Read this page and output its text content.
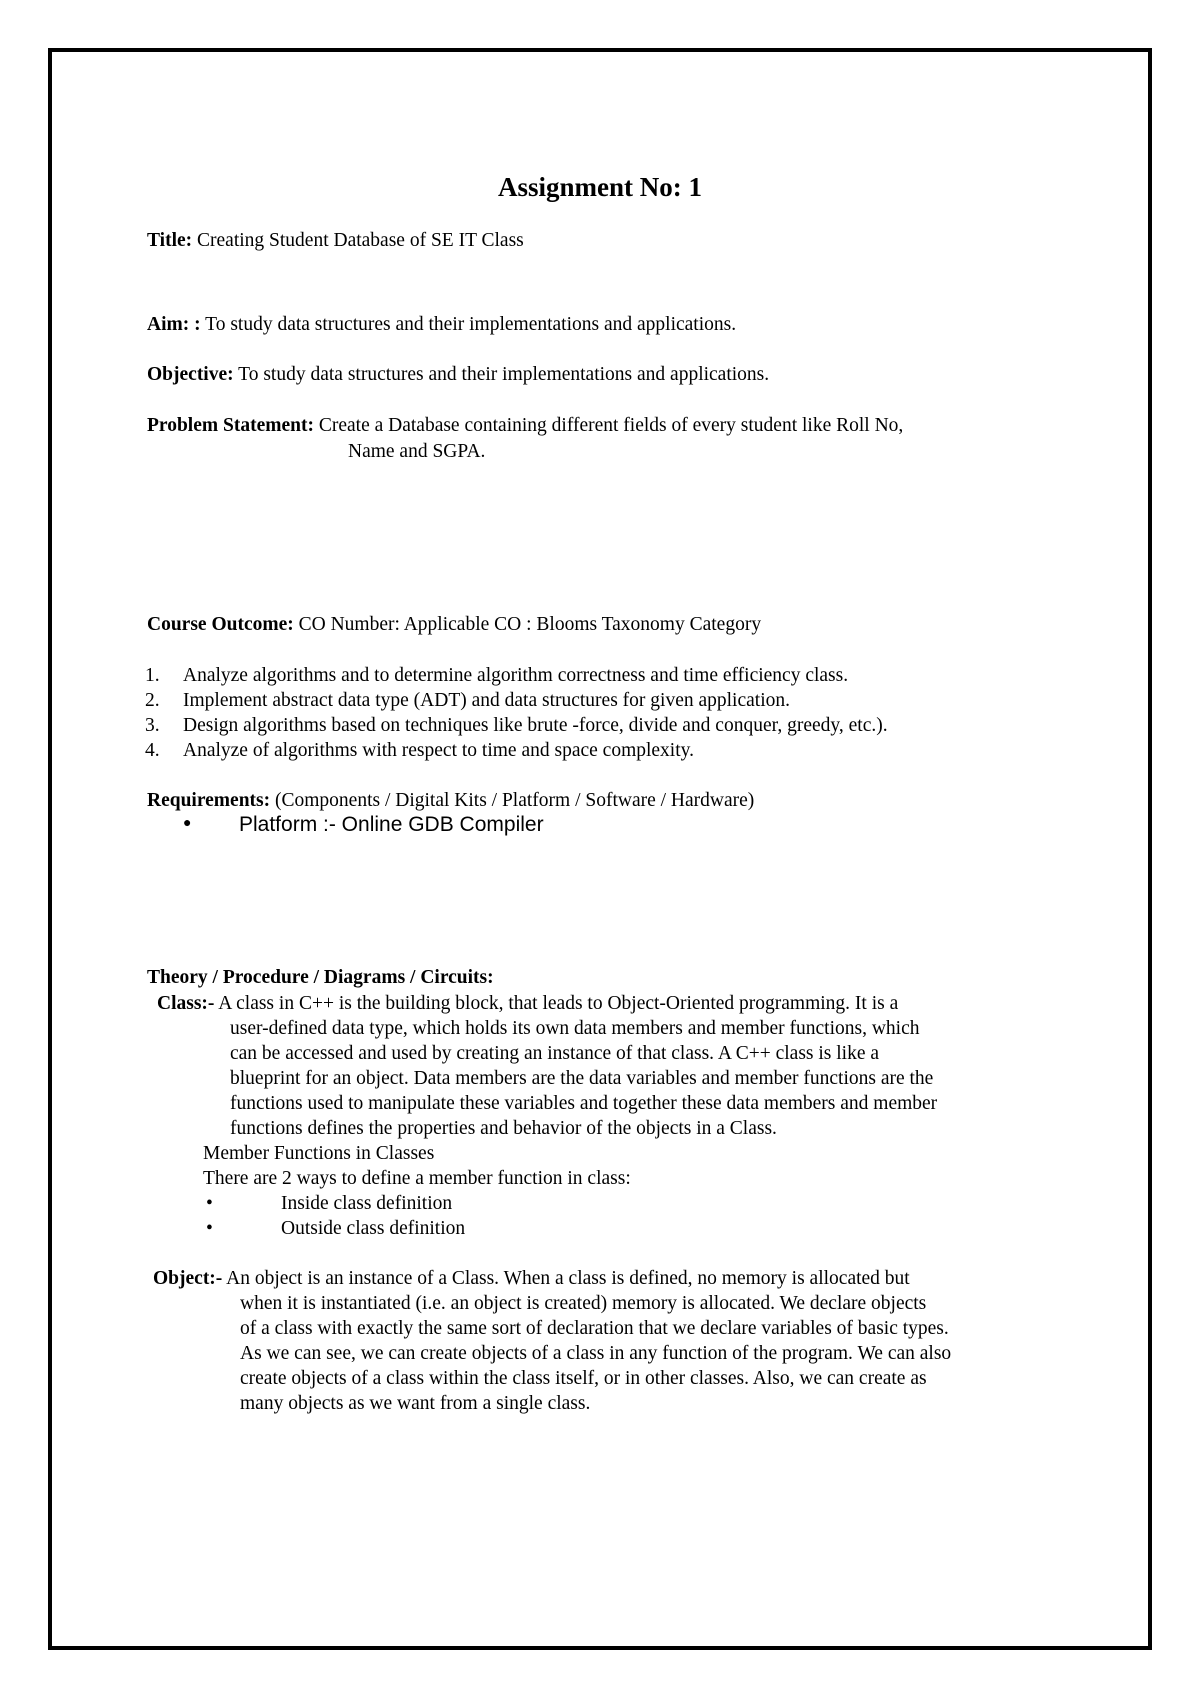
Assignment No: 1
Title: Creating Student Database of SE IT Class
Aim: : To study data structures and their implementations and applications.
Objective: To study data structures and their implementations and applications.
Problem Statement: Create a Database containing different fields of every student like Roll No,
Name and SGPA.
Course Outcome: CO Number: Applicable CO : Blooms Taxonomy Category
1. Analyze algorithms and to determine algorithm correctness and time efficiency class.
2. Implement abstract data type (ADT) and data structures for given application.
3. Design algorithms based on techniques like brute -force, divide and conquer, greedy, etc.).
4. Analyze of algorithms with respect to time and space complexity.
Requirements: (Components / Digital Kits / Platform / Software / Hardware)
● Platform :- Online GDB Compiler
Theory / Procedure / Diagrams / Circuits:
Class:- A class in C++ is the building block, that leads to Object-Oriented programming. It is a
user-defined data type, which holds its own data members and member functions, which
can be accessed and used by creating an instance of that class. A C++ class is like a
blueprint for an object. Data members are the data variables and member functions are the
functions used to manipulate these variables and together these data members and member
functions defines the properties and behavior of the objects in a Class.
Member Functions in Classes
There are 2 ways to define a member function in class:
•	Inside class definition
•	Outside class definition
Object:- An object is an instance of a Class. When a class is defined, no memory is allocated but
when it is instantiated (i.e. an object is created) memory is allocated. We declare objects
of a class with exactly the same sort of declaration that we declare variables of basic types.
As we can see, we can create objects of a class in any function of the program. We can also
create objects of a class within the class itself, or in other classes. Also, we can create as
many objects as we want from a single class.
